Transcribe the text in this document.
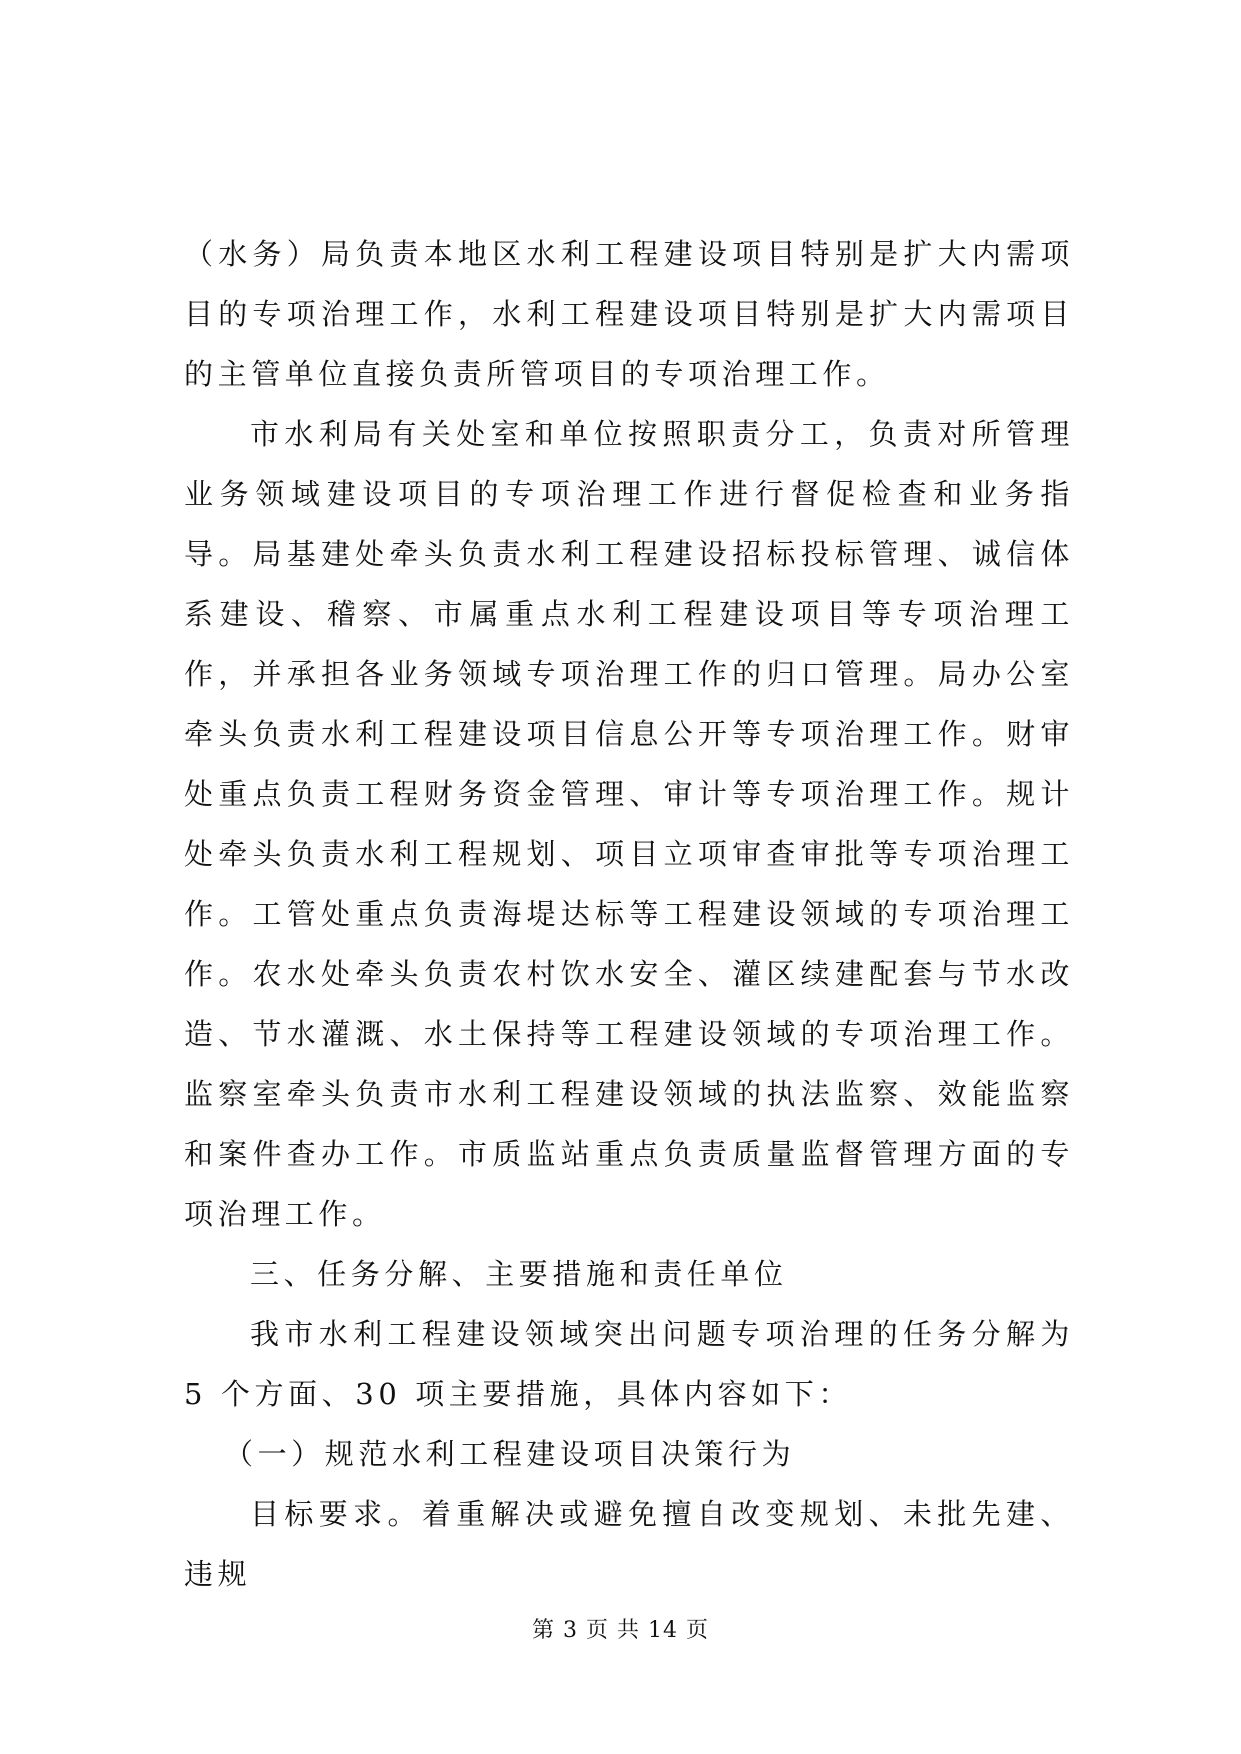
（水务）局负责本地区水利工程建设项目特别是扩大内需项目的专项治理工作，水利工程建设项目特别是扩大内需项目的主管单位直接负责所管项目的专项治理工作。

市水利局有关处室和单位按照职责分工，负责对所管理业务领域建设项目的专项治理工作进行督促检查和业务指导。局基建处牵头负责水利工程建设招标投标管理、诚信体系建设、稽察、市属重点水利工程建设项目等专项治理工作，并承担各业务领域专项治理工作的归口管理。局办公室牵头负责水利工程建设项目信息公开等专项治理工作。财审处重点负责工程财务资金管理、审计等专项治理工作。规计处牵头负责水利工程规划、项目立项审查审批等专项治理工作。工管处重点负责海堤达标等工程建设领域的专项治理工作。农水处牵头负责农村饮水安全、灌区续建配套与节水改造、节水灌溉、水土保持等工程建设领域的专项治理工作。监察室牵头负责市水利工程建设领域的执法监察、效能监察和案件查办工作。市质监站重点负责质量监督管理方面的专项治理工作。

三、任务分解、主要措施和责任单位

我市水利工程建设领域突出问题专项治理的任务分解为 5 个方面、30 项主要措施，具体内容如下：

（一）规范水利工程建设项目决策行为

目标要求。着重解决或避免擅自改变规划、未批先建、违规

第 3 页 共 14 页
